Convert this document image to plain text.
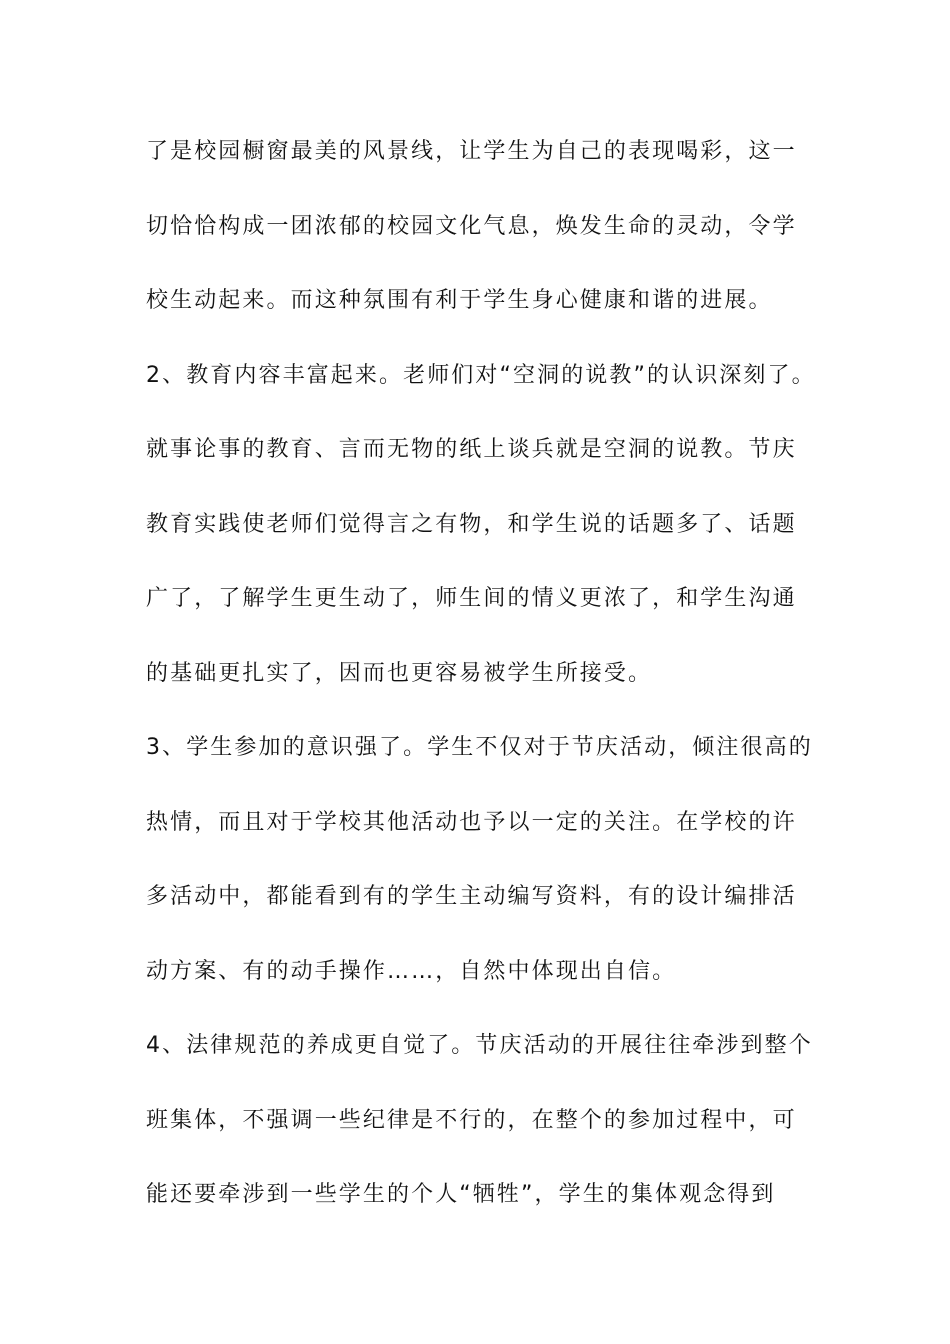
了是校园橱窗最美的风景线，让学生为自己的表现喝彩，这一
切恰恰构成一团浓郁的校园文化气息，焕发生命的灵动，令学
校生动起来。而这种氛围有利于学生身心健康和谐的进展。
2、教育内容丰富起来。老师们对“空洞的说教”的认识深刻了。
就事论事的教育、言而无物的纸上谈兵就是空洞的说教。节庆
教育实践使老师们觉得言之有物，和学生说的话题多了、话题
广了，了解学生更生动了，师生间的情义更浓了，和学生沟通
的基础更扎实了，因而也更容易被学生所接受。
3、学生参加的意识强了。学生不仅对于节庆活动，倾注很高的
热情，而且对于学校其他活动也予以一定的关注。在学校的许
多活动中，都能看到有的学生主动编写资料，有的设计编排活
动方案、有的动手操作……，自然中体现出自信。
4、法律规范的养成更自觉了。节庆活动的开展往往牵涉到整个
班集体，不强调一些纪律是不行的，在整个的参加过程中，可
能还要牵涉到一些学生的个人“牺牲”，学生的集体观念得到
